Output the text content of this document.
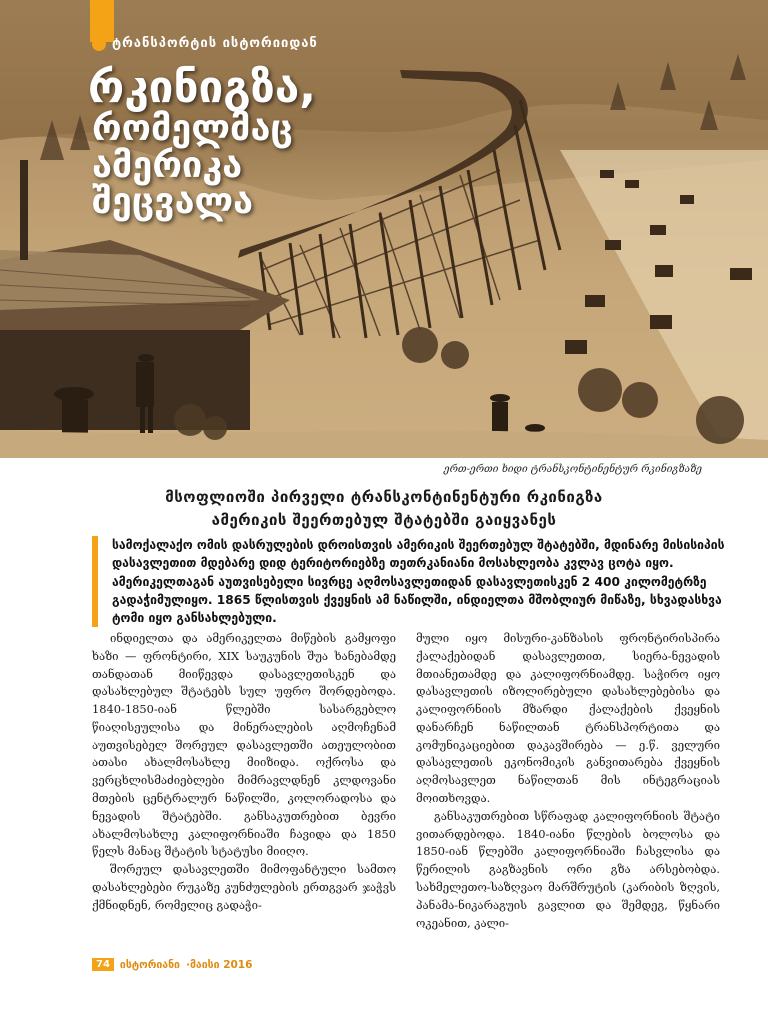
ტრანსპორტის ისტორიიდან
რკინიგზა,
რომელმაც
ამერიკა
შეცვალა
ერთ-ერთი ხიდი ტრანსკონტინენტურ რკინიგზაზე
მსოფლიოში პირველი ტრანსკონტინენტური რკინიგზა
ამერიკის შეერთებულ შტატებში გაიყვანეს
სამოქალაქო ომის დასრულების დროისთვის ამერიკის შეერთებულ შტატებში, მდინარე მისისიპის დასავლეთით მდებარე დიდ ტერიტორიებზე თეთრკანიანი მოსახლეობა კვლავ ცოტა იყო. ამერიკელთაგან აუთვისებელი სივრცე აღმოსავლეთიდან დასავლეთისკენ 2 400 კილომეტრზე გადაჭიმულიყო. 1865 წლისთვის ქვეყნის ამ ნაწილში, ინდიელთა მშობლიურ მიწაზე, სხვადასხვა ტომი იყო განსახლებული.

ინდიელთა და ამერიკელთა მიწების გამყოფი ხაზი — ფრონტირი, XIX საუკუნის შუა ხანებამდე თანდათან მიიწევდა დასავლეთისკენ და დასახლებულ შტატებს სულ უფრო შორდებოდა. 1840-1850-იან წლებში სასარგებლო წიაღისეულისა და მინერალების აღმოჩენამ აუთვისებელ შორეულ დასავლეთში ათეულობით ათასი ახალმოსახლე მიიზიდა. ოქროსა და ვერცხლისმაძიებლები მიმრავლდნენ კლდოვანი მთების ცენტრალურ ნაწილში, კოლორადოსა და ნევადის შტატებში. განსაკუთრებით ბევრი ახალმოსახლე კალიფორნიაში ჩავიდა და 1850 წელს მანაც შტატის სტატუსი მიიღო.

შორეულ დასავლეთში მიმოფანტული სამთო დასახლებები რუკაზე კუნძულების ერთგვარ ჯაჭვს ქმნიდნენ, რომელიც გადაჭი-

მული იყო მისური-კანზასის ფრონტირისპირა ქალაქებიდან დასავლეთით, სიერა-ნევადის მთიანეთამდე და კალიფორნიამდე. საჭირო იყო დასავლეთის იზოლირებული დასახლებებისა და კალიფორნიის მზარდი ქალაქების ქვეყნის დანარჩენ ნაწილთან ტრანსპორტითა და კომუნიკაციებით დაკავშირება — ე.წ. ველური დასავლეთის ეკონომიკის განვითარება ქვეყნის აღმოსავლეთ ნაწილთან მის ინტეგრაციას მოითხოვდა.

განსაკუთრებით სწრაფად კალიფორნიის შტატი ვითარდებოდა. 1840-იანი წლების ბოლოსა და 1850-იან წლებში კალიფორნიაში ჩასვლისა და წერილის გაგზავნის ორი გზა არსებობდა. სახმელეთო-საზღვაო მარშრუტის (კარიბის ზღვის, პანამა-ნიკარაგუის გავლით და შემდეგ, წყნარი ოკეანით, კალი-

74 ისტორიანი ·მაისი 2016
